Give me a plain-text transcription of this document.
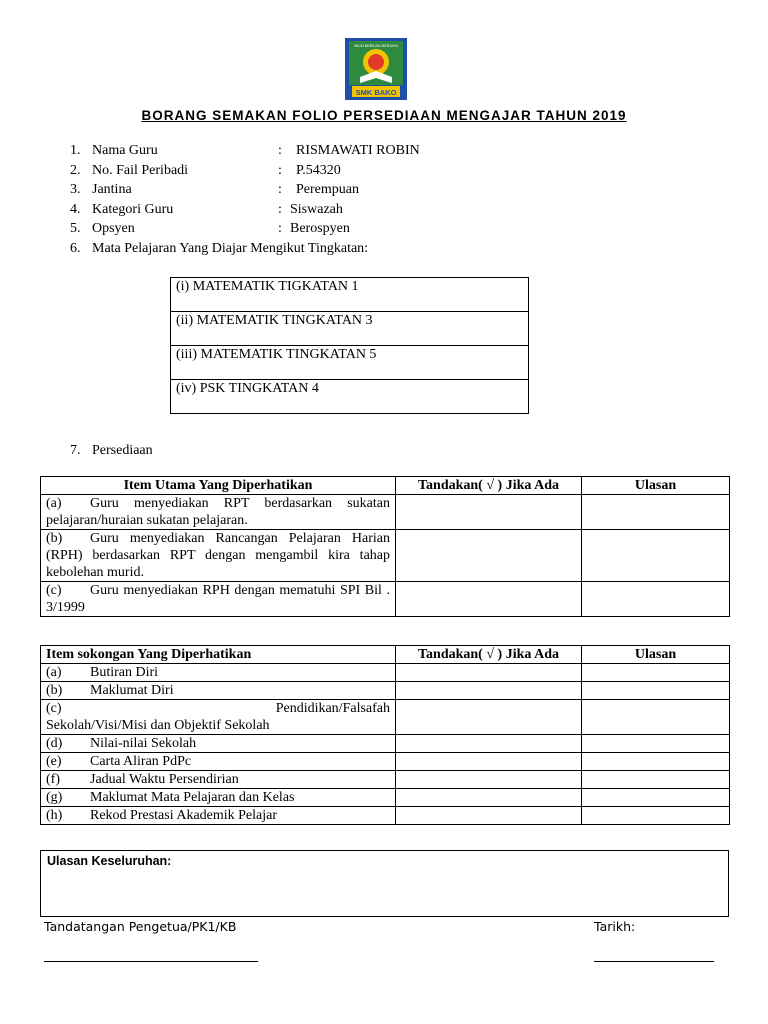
SMK BAKO
MAJU BERILMU BERJAYA
BORANG SEMAKAN FOLIO PERSEDIAAN MENGAJAR TAHUN 2019
1. Nama Guru	: RISMAWATI ROBIN
2. No. Fail Peribadi	: P.54320
3. Jantina	: Perempuan
4. Kategori Guru	: Siswazah
5. Opsyen	: Berospyen
6. Mata Pelajaran Yang Diajar Mengikut Tingkatan:
(i) MATEMATIK TIGKATAN 1
(ii) MATEMATIK TINGKATAN 3
(iii) MATEMATIK TINGKATAN 5
(iv) PSK TINGKATAN 4
7. Persediaan
Item Utama Yang Diperhatikan	Tandakan( √ ) Jika Ada	Ulasan
(a) Guru menyediakan RPT berdasarkan sukatan pelajaran/huraian sukatan pelajaran.		
(b) Guru menyediakan Rancangan Pelajaran Harian (RPH) berdasarkan RPT dengan mengambil kira tahap kebolehan murid.		
(c) Guru menyediakan RPH dengan mematuhi SPI Bil . 3/1999		
Item sokongan Yang Diperhatikan	Tandakan( √ ) Jika Ada	Ulasan
(a) Butiran Diri		
(b) Maklumat Diri		

(c) Pendidikan/Falsafah
Sekolah/Visi/Misi dan Objektif Sekolah		

(d) Nilai-nilai Sekolah		
(e) Carta Aliran PdPc		
(f) Jadual Waktu Persendirian		
(g) Maklumat Mata Pelajaran dan Kelas		
(h) Rekod Prestasi Akademik Pelajar		
Ulasan Keseluruhan:
Tandatangan Pengetua/PK1/KB	Tarikh:
